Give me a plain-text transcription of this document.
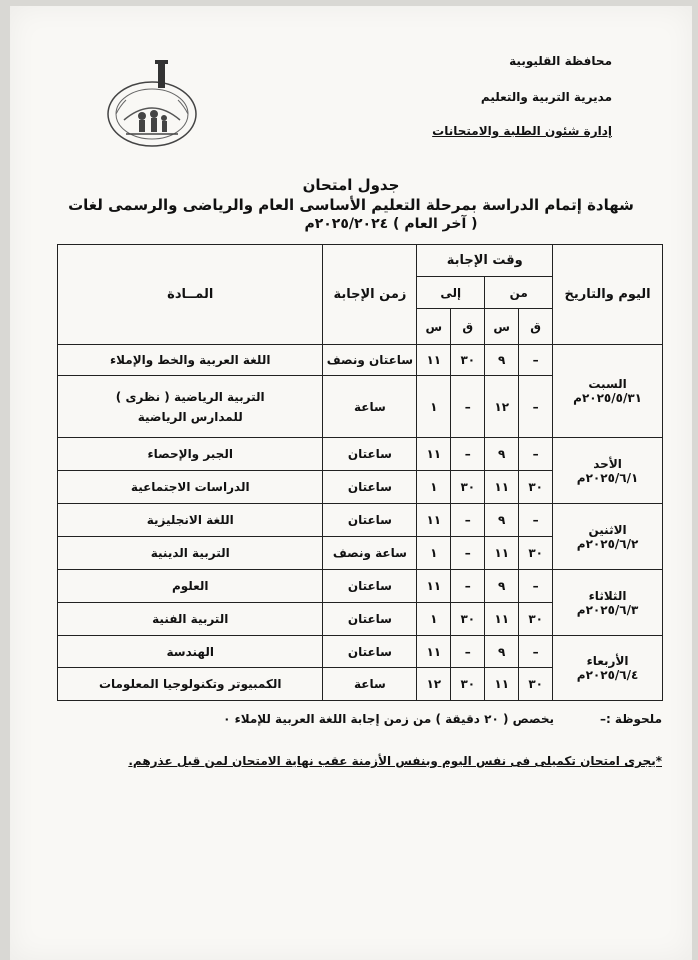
محافظة القليوبية
مديرية التربية والتعليم
إدارة شئون الطلبة والامتحانات
جدول امتحان
شهادة إتمام الدراسة بمرحلة التعليم الأساسى العام والرياضى والرسمى لغات
( آخر العام ) ٢٠٢٥/٢٠٢٤م
اليوم والتاريخ	وقت الإجابة				زمن الإجابة	المــادة
	من		إلى			
	ق	س	ق	س		

السبت
٢٠٢٥/٥/٣١م	–	٩	٣٠	١١	ساعتان ونصف	اللغة العربية والخط والإملاء
	–	١٢	–	١	ساعة	التربية الرياضية ( نظرى )
للمدارس الرياضية

الأحد
٢٠٢٥/٦/١م	–	٩	–	١١	ساعتان	الجبر والإحصاء
	٣٠	١١	٣٠	١	ساعتان	الدراسات الاجتماعية

الاثنين
٢٠٢٥/٦/٢م	–	٩	–	١١	ساعتان	اللغة الانجليزية
	٣٠	١١	–	١	ساعة ونصف	التربية الدينية

الثلاثاء
٢٠٢٥/٦/٣م	–	٩	–	١١	ساعتان	العلوم
	٣٠	١١	٣٠	١	ساعتان	التربية الفنية

الأربعاء
٢٠٢٥/٦/٤م	–	٩	–	١١	ساعتان	الهندسة
	٣٠	١١	٣٠	١٢	ساعة	الكمبيوتر وتكنولوجيا المعلومات
ملحوظة :–
يخصص ( ٢٠ دقيقة ) من زمن إجابة اللغة العربية للإملاء ٠
*يجرى امتحان تكميلى فى نفس اليوم وبنفس الأزمنة عقب نهاية الامتحان لمن قبل عذرهم.
